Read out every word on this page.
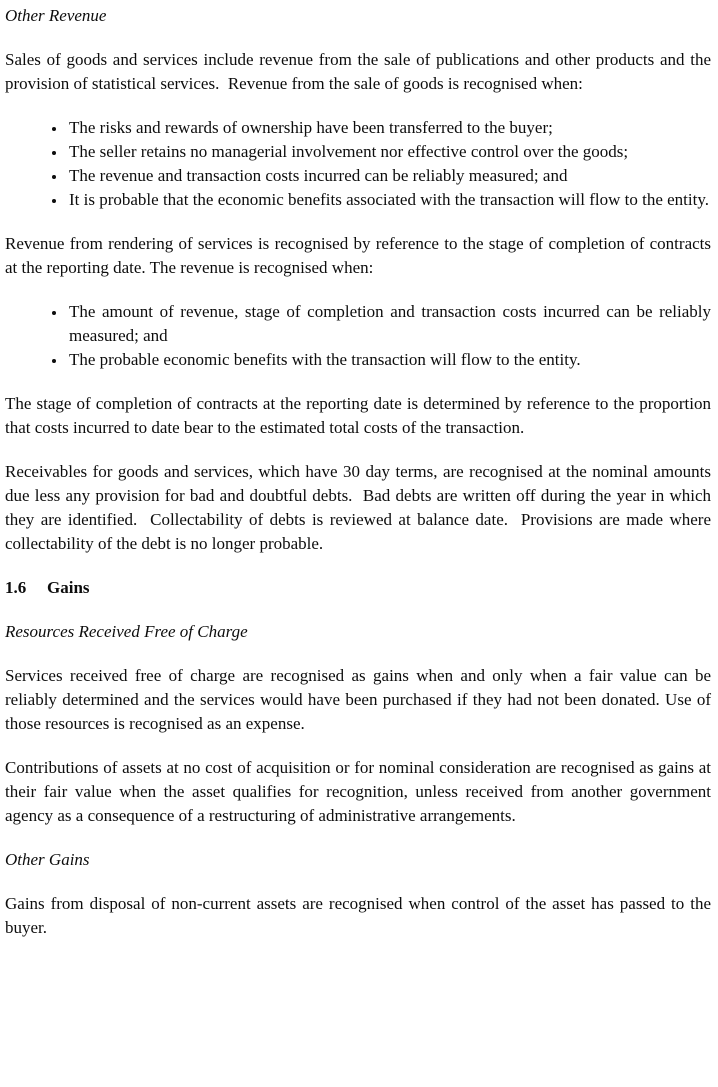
Other Revenue

Sales of goods and services include revenue from the sale of publications and other products and the provision of statistical services.  Revenue from the sale of goods is recognised when:

• The risks and rewards of ownership have been transferred to the buyer;
• The seller retains no managerial involvement nor effective control over the goods;
• The revenue and transaction costs incurred can be reliably measured; and
• It is probable that the economic benefits associated with the transaction will flow to the entity.

Revenue from rendering of services is recognised by reference to the stage of completion of contracts at the reporting date. The revenue is recognised when:

• The amount of revenue, stage of completion and transaction costs incurred can be reliably measured; and
• The probable economic benefits with the transaction will flow to the entity.

The stage of completion of contracts at the reporting date is determined by reference to the proportion that costs incurred to date bear to the estimated total costs of the transaction.

Receivables for goods and services, which have 30 day terms, are recognised at the nominal amounts due less any provision for bad and doubtful debts.  Bad debts are written off during the year in which they are identified.  Collectability of debts is reviewed at balance date.  Provisions are made where collectability of the debt is no longer probable.

1.6 Gains
Resources Received Free of Charge

Services received free of charge are recognised as gains when and only when a fair value can be reliably determined and the services would have been purchased if they had not been donated. Use of those resources is recognised as an expense.

Contributions of assets at no cost of acquisition or for nominal consideration are recognised as gains at their fair value when the asset qualifies for recognition, unless received from another government agency as a consequence of a restructuring of administrative arrangements.

Other Gains

Gains from disposal of non-current assets are recognised when control of the asset has passed to the buyer.
